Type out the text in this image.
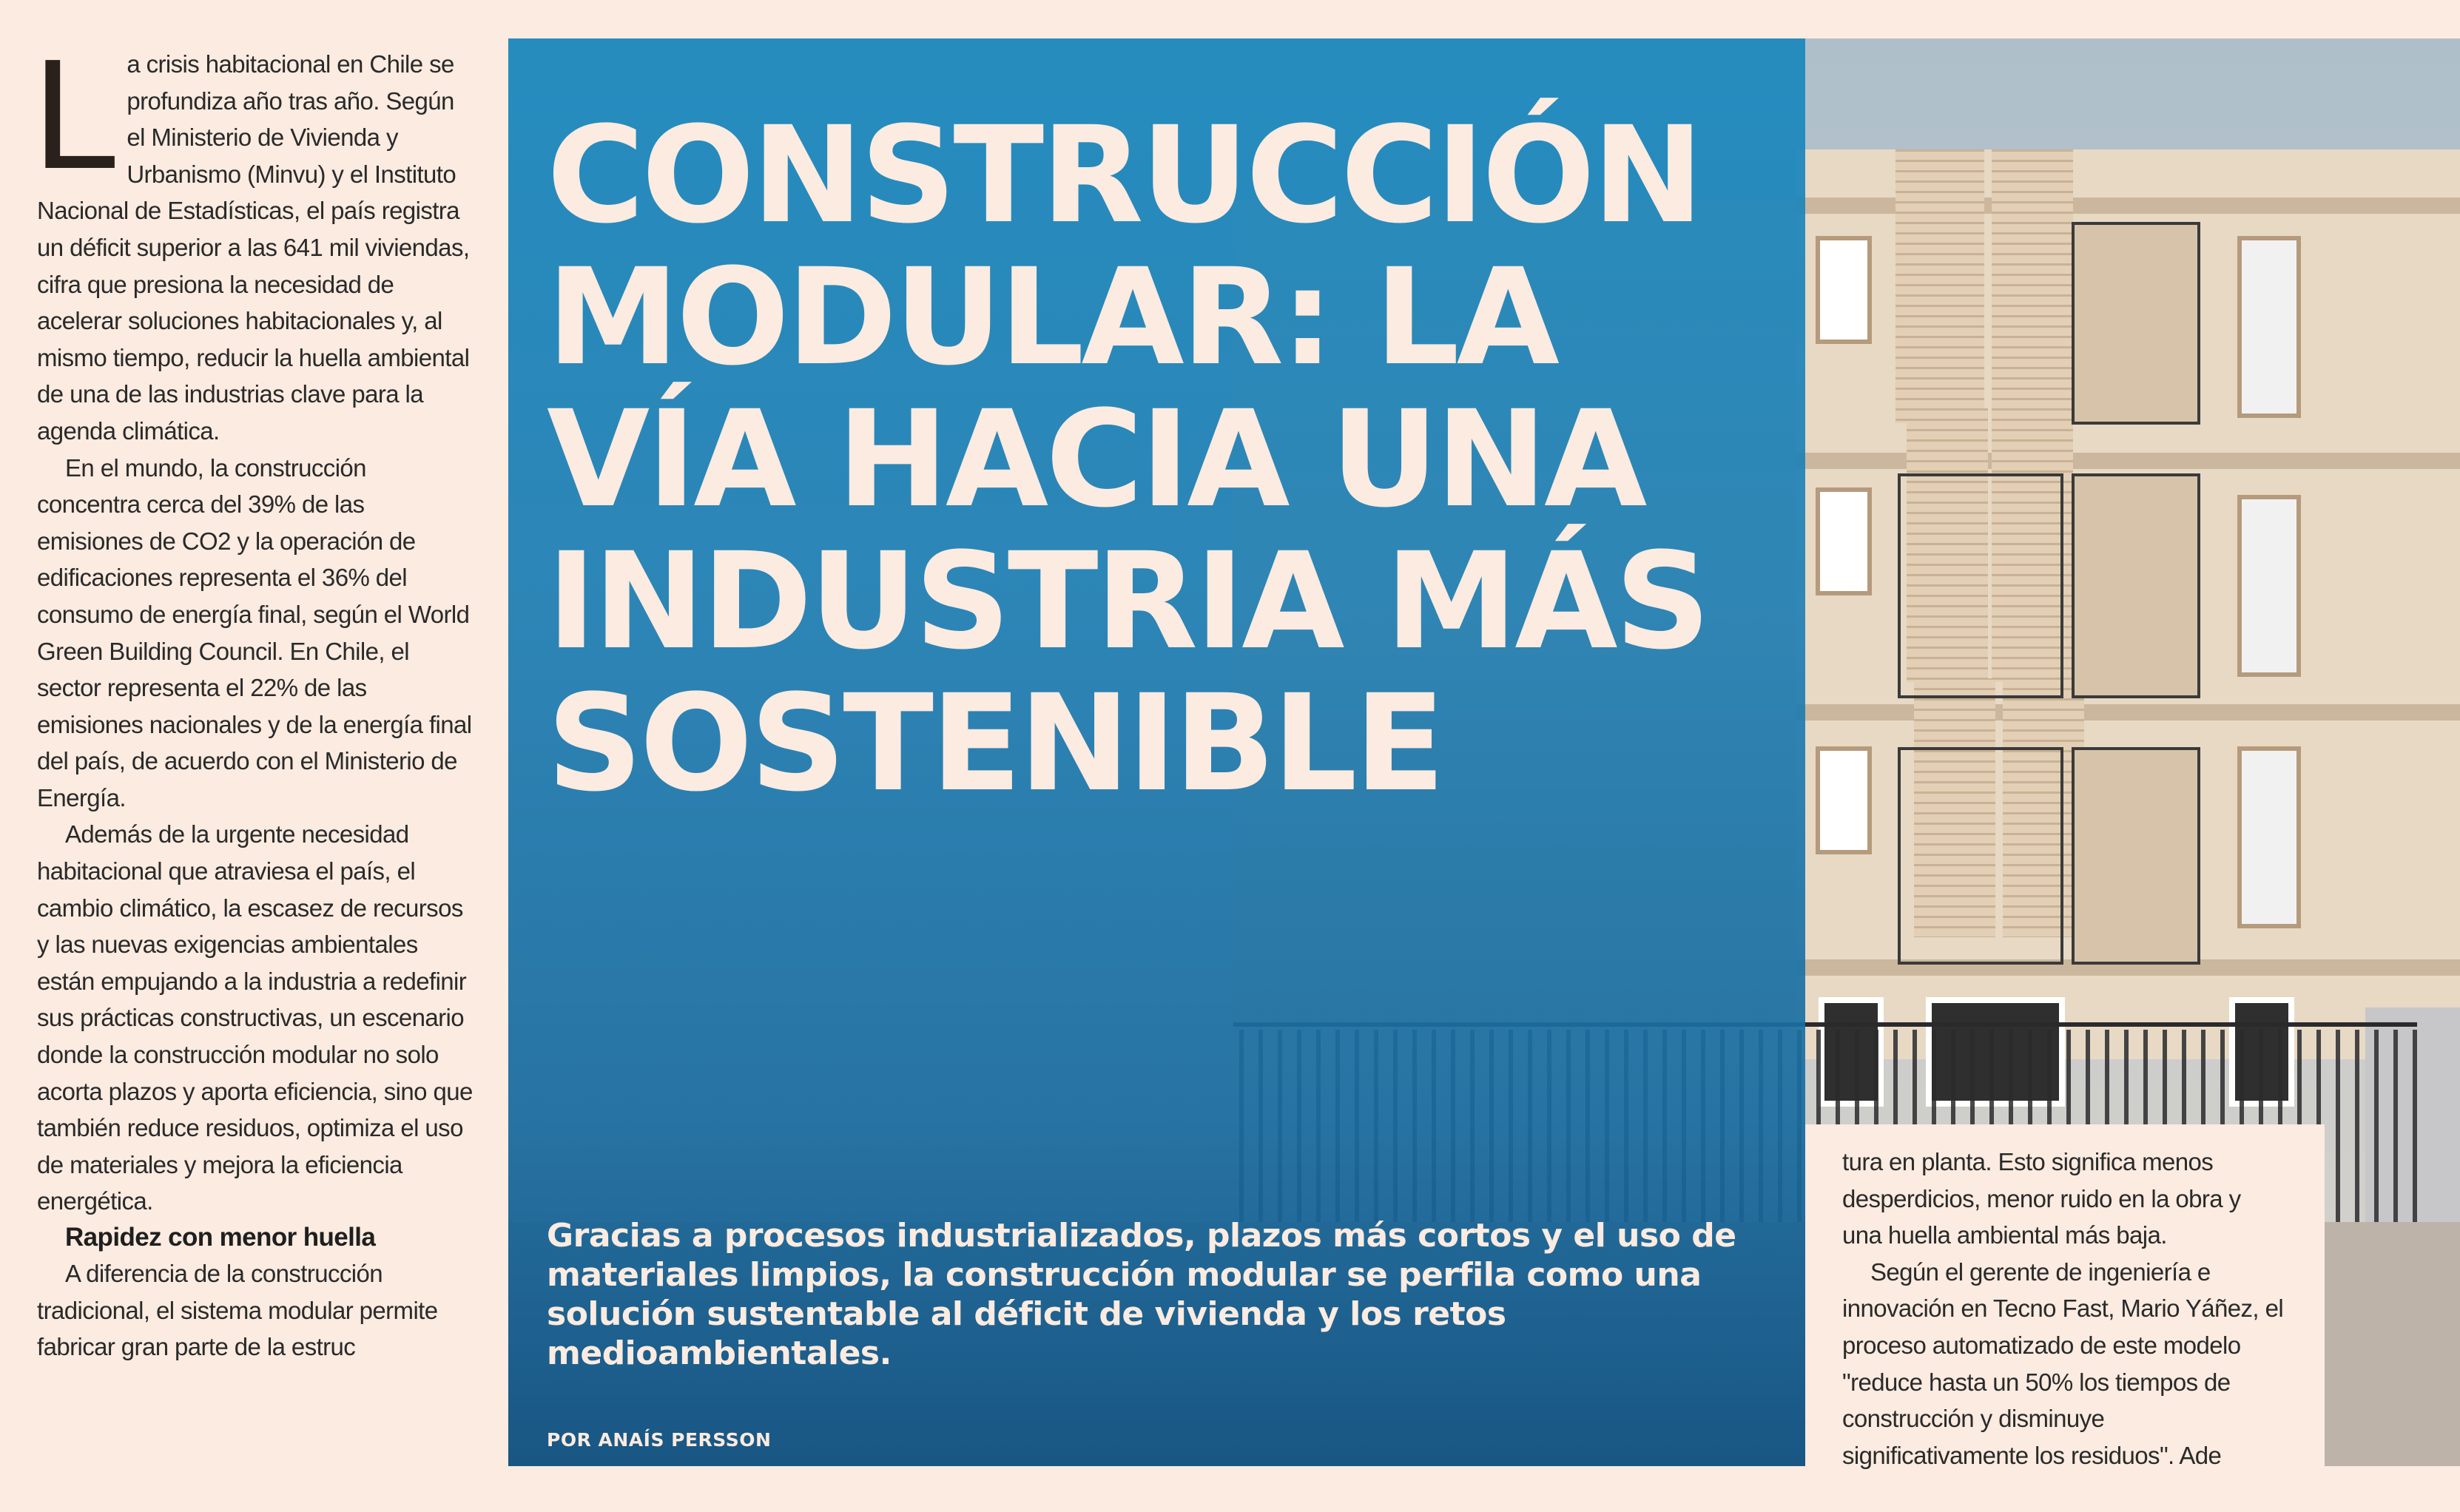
La crisis habitacional en Chile se profundiza año tras año. Según el Ministerio de Vivienda y Urbanismo (Minvu) y el Instituto Nacional de Estadísticas, el país registra un déficit superior a las 641 mil viviendas, cifra que presiona la necesidad de acelerar soluciones habitacionales y, al mismo tiempo, reducir la huella ambiental de una de las industrias clave para la agenda climática.

En el mundo, la construcción concentra cerca del 39% de las emisiones de CO2 y la operación de edificaciones representa el 36% del consumo de energía final, según el World Green Building Council. En Chile, el sector representa el 22% de las emisiones nacionales y de la energía final del país, de acuerdo con el Ministerio de Energía.

Además de la urgente necesidad habitacional que atraviesa el país, el cambio climático, la escasez de recursos y las nuevas exigencias ambientales están empujando a la industria a redefinir sus prácticas constructivas, un escenario donde la construcción modular no solo acorta plazos y aporta eficiencia, sino que también reduce residuos, optimiza el uso de materiales y mejora la eficiencia energética.

Rapidez con menor huella

A diferencia de la construcción tradicional, el sistema modular permite fabricar gran parte de la estruc

CONSTRUCCIÓN MODULAR: LA VÍA HACIA UNA INDUSTRIA MÁS SOSTENIBLE

Gracias a procesos industrializados, plazos más cortos y el uso de materiales limpios, la construcción modular se perfila como una solución sustentable al déficit de vivienda y los retos medioambientales.

POR ANAÍS PERSSON

tura en planta. Esto significa menos desperdicios, menor ruido en la obra y una huella ambiental más baja.

Según el gerente de ingeniería e innovación en Tecno Fast, Mario Yáñez, el proceso automatizado de este modelo "reduce hasta un 50% los tiempos de construcción y disminuye significativamente los residuos". Ade
